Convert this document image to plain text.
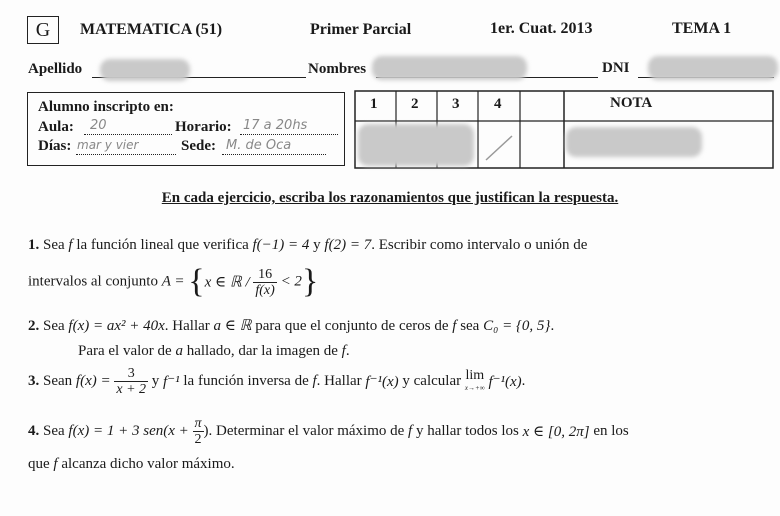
G	MATEMATICA (51)	Primer Parcial	1er. Cuat. 2013	TEMA 1
Apellido	Nombres	DNI
Alumno inscripto en:
Aula: 20	Horario: 17 a 20hs
Días: mar y vier	Sede: M. de Oca
1 2 3 4	NOTA
En cada ejercicio, escriba los razonamientos que justifican la respuesta.
1. Sea f la función lineal que verifica f(−1) = 4 y f(2) = 7. Escribir como intervalo o unión de
intervalos al conjunto A = {x ∈ ℝ / $\frac{16}{f(x)} < 2$}
2. Sea f(x) = ax² + 40x. Hallar a ∈ ℝ para que el conjunto de ceros de f sea C₀ = {0, 5}.
Para el valor de a hallado, dar la imagen de f.
3. Sean $f(x) = \frac{3}{x + 2}$ y f⁻¹ la función inversa de f. Hallar f⁻¹(x) y calcular lim
x→+∞ f⁻¹(x).
4. Sea f(x) = 1 + 3 $sen(x + \frac{\pi}{2}$ ). Determinar el valor máximo de f y hallar todos los x ∈ [0, 2π] en los
que f alcanza dicho valor máximo.
